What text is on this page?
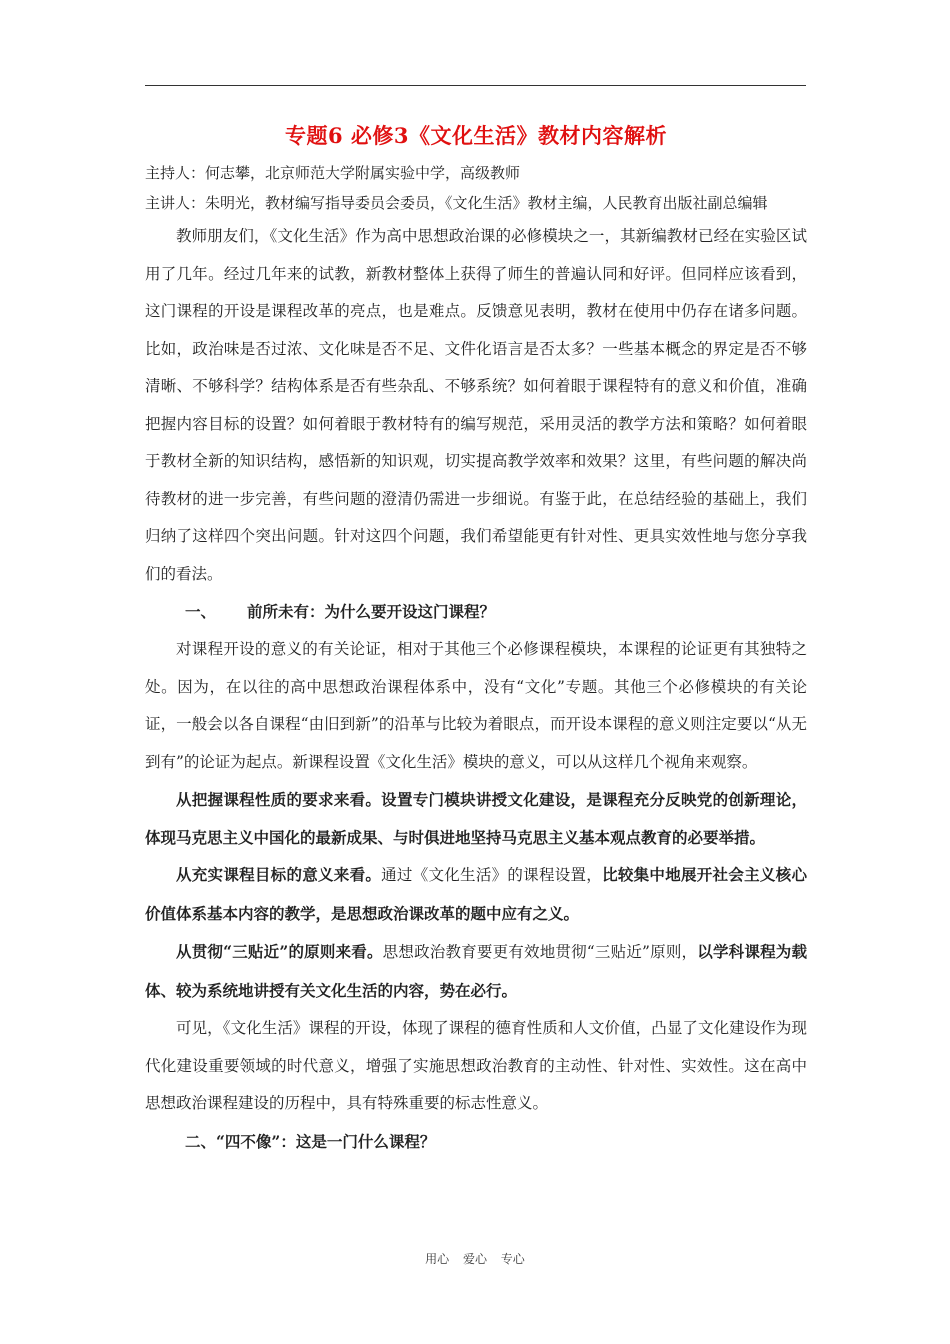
专题6 必修3《文化生活》教材内容解析

主持人：何志攀，北京师范大学附属实验中学，高级教师

主讲人：朱明光，教材编写指导委员会委员，《文化生活》教材主编，人民教育出版社副总编辑

教师朋友们，《文化生活》作为高中思想政治课的必修模块之一，其新编教材已经在实验区试用了几年。经过几年来的试教，新教材整体上获得了师生的普遍认同和好评。但同样应该看到，这门课程的开设是课程改革的亮点，也是难点。反馈意见表明，教材在使用中仍存在诸多问题。比如，政治味是否过浓、文化味是否不足、文件化语言是否太多？一些基本概念的界定是否不够清晰、不够科学？结构体系是否有些杂乱、不够系统？如何着眼于课程特有的意义和价值，准确把握内容目标的设置？如何着眼于教材特有的编写规范，采用灵活的教学方法和策略？如何着眼于教材全新的知识结构，感悟新的知识观，切实提高教学效率和效果？这里，有些问题的解决尚待教材的进一步完善，有些问题的澄清仍需进一步细说。有鉴于此，在总结经验的基础上，我们归纳了这样四个突出问题。针对这四个问题，我们希望能更有针对性、更具实效性地与您分享我们的看法。

一、 前所未有：为什么要开设这门课程？

对课程开设的意义的有关论证，相对于其他三个必修课程模块，本课程的论证更有其独特之处。因为，在以往的高中思想政治课程体系中，没有“文化”专题。其他三个必修模块的有关论证，一般会以各自课程“由旧到新”的沿革与比较为着眼点，而开设本课程的意义则注定要以“从无到有”的论证为起点。新课程设置《文化生活》模块的意义，可以从这样几个视角来观察。

从把握课程性质的要求来看。设置专门模块讲授文化建设，是课程充分反映党的创新理论，体现马克思主义中国化的最新成果、与时俱进地坚持马克思主义基本观点教育的必要举措。

从充实课程目标的意义来看。通过《文化生活》的课程设置，比较集中地展开社会主义核心价值体系基本内容的教学，是思想政治课改革的题中应有之义。

从贯彻“三贴近”的原则来看。思想政治教育要更有效地贯彻“三贴近”原则，以学科课程为载体、较为系统地讲授有关文化生活的内容，势在必行。

可见，《文化生活》课程的开设，体现了课程的德育性质和人文价值，凸显了文化建设作为现代化建设重要领域的时代意义，增强了实施思想政治教育的主动性、针对性、实效性。这在高中思想政治课程建设的历程中，具有特殊重要的标志性意义。

二、“四不像”：这是一门什么课程？

用心 爱心 专心
